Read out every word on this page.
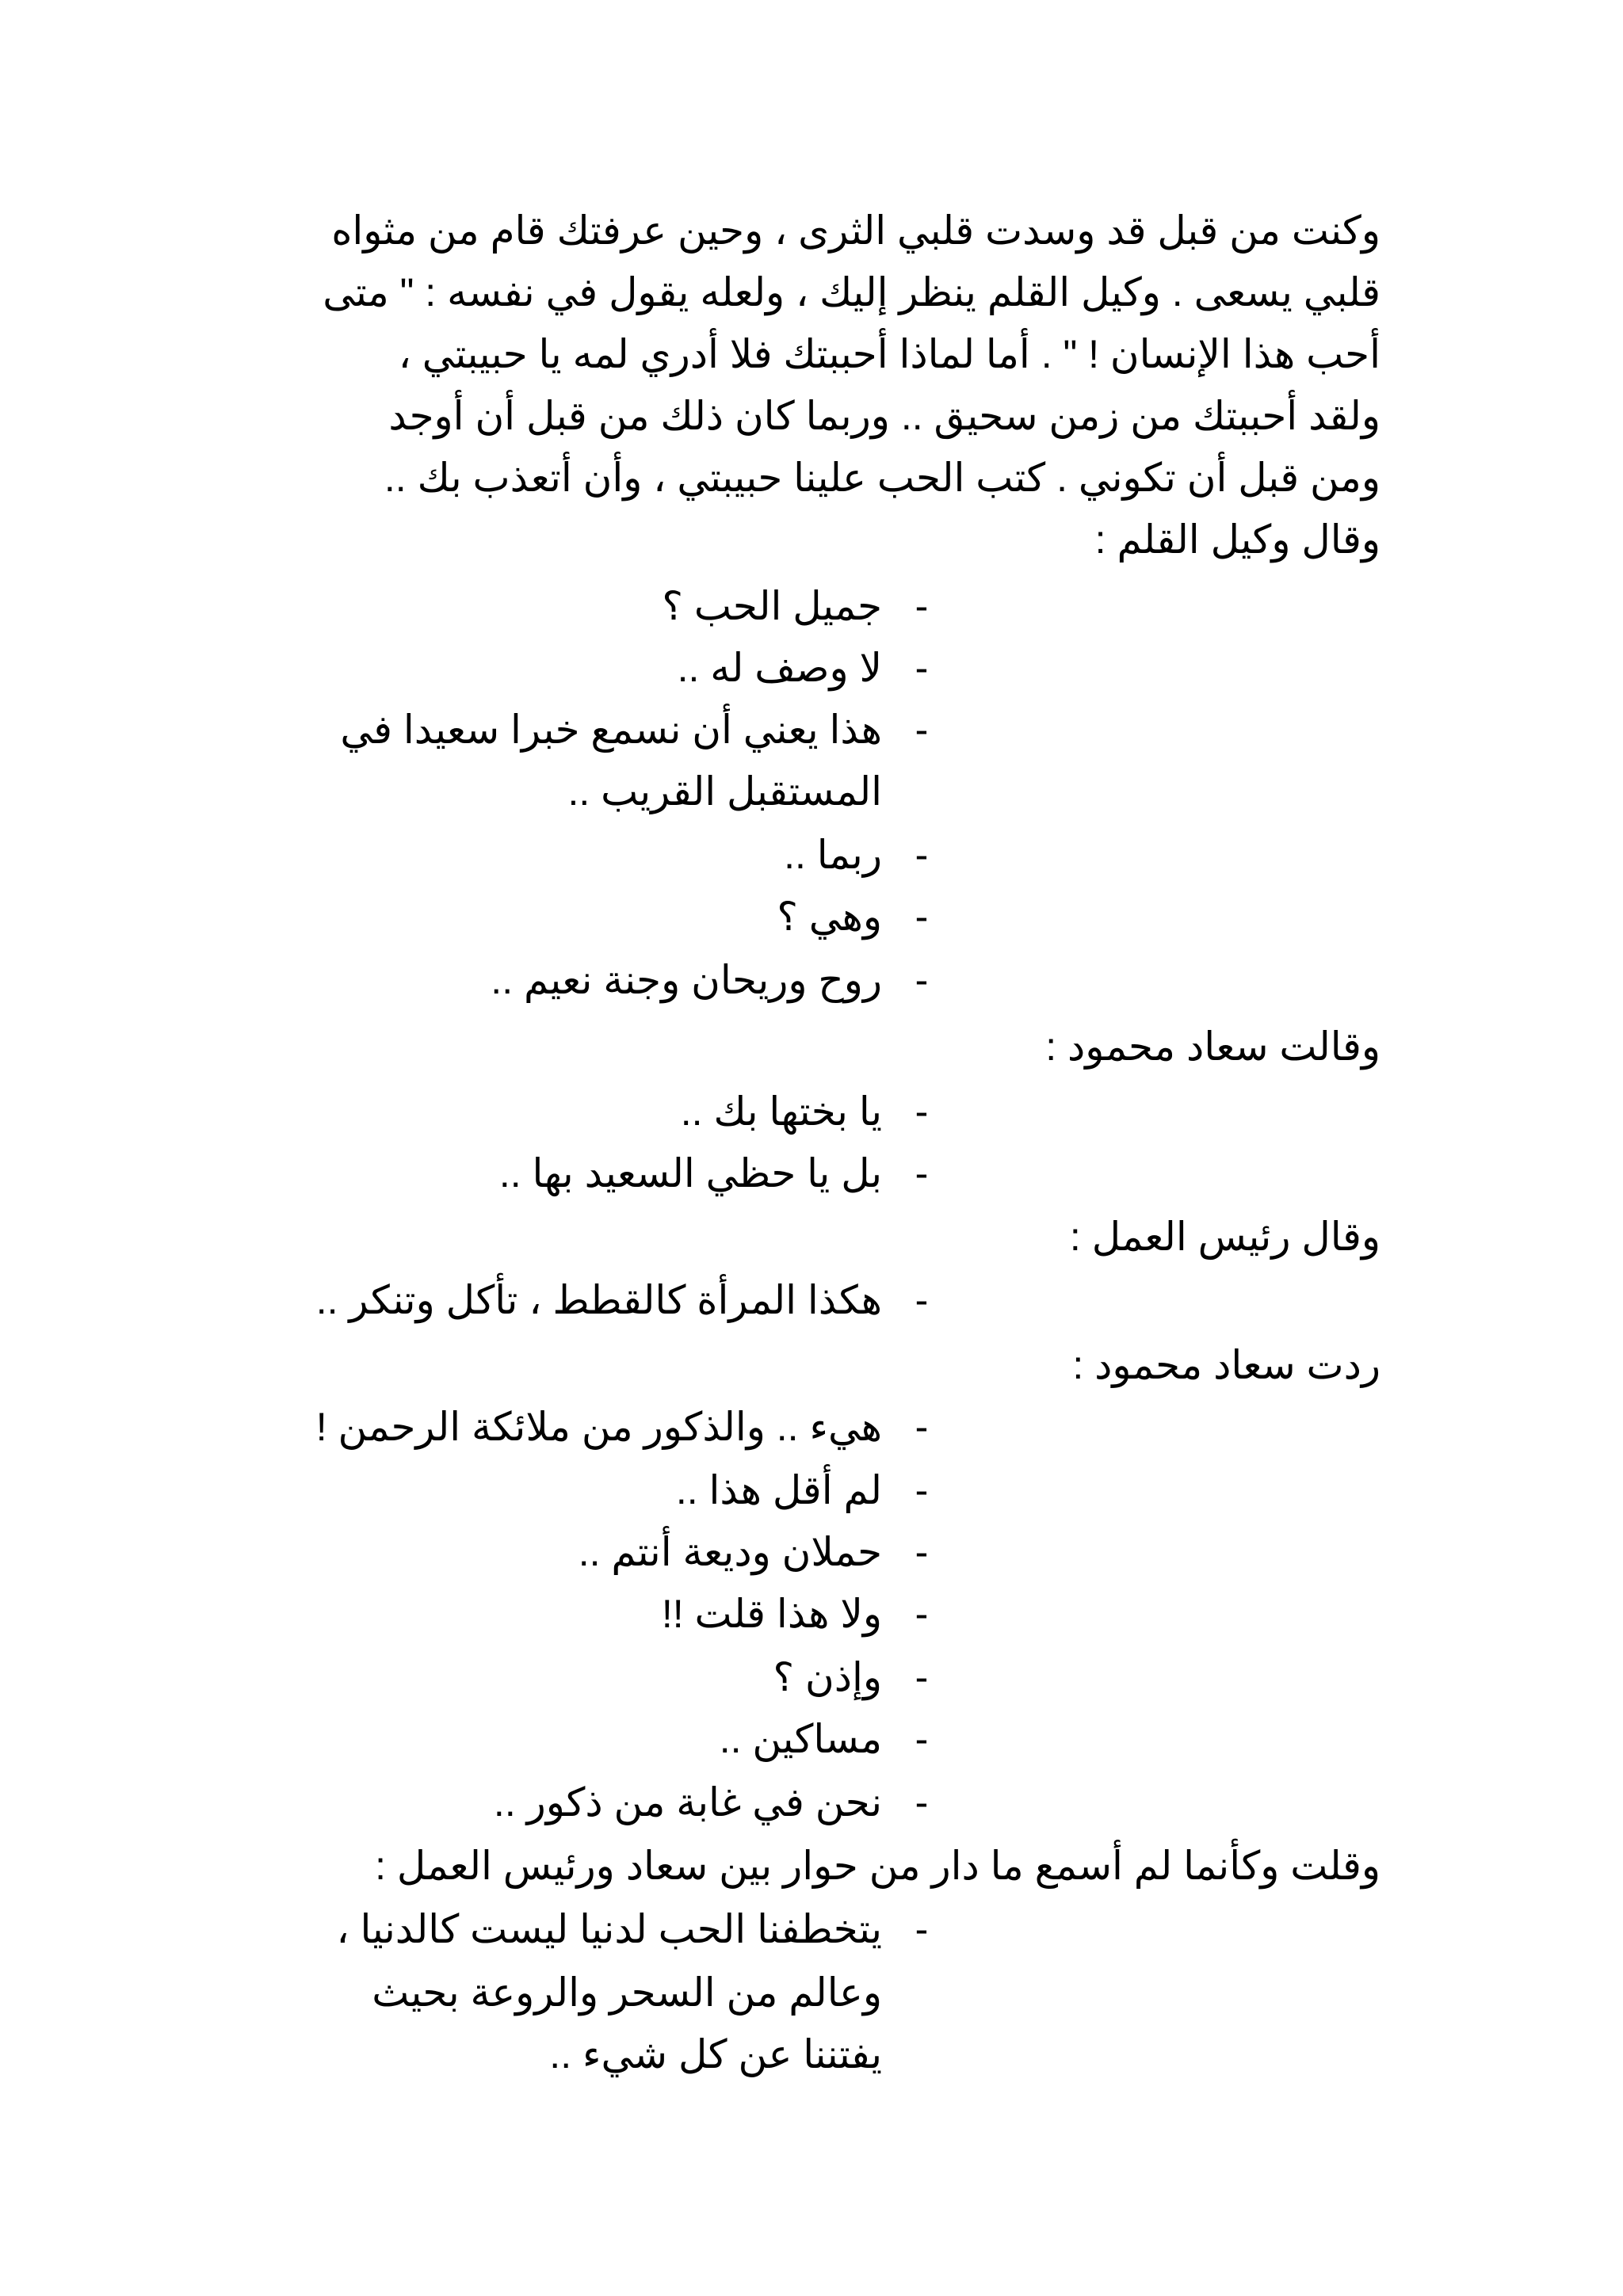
وكنت من قبل قد وسدت قلبي الثرى ، وحين عرفتك قام من مثواه
قلبي يسعى . وكيل القلم ينظر إليك ، ولعله يقول في نفسه : " متى
أحب هذا الإنسان ! " . أما لماذا أحببتك فلا أدري لمه يا حبيبتي ،
ولقد أحببتك من زمن سحيق .. وربما كان ذلك من قبل أن أوجد
ومن قبل أن تكوني . كتب الحب علينا حبيبتي ، وأن أتعذب بك ..
وقال وكيل القلم :
-
جميل الحب ؟
-
لا وصف له ..
-
هذا يعني أن نسمع خبرا سعيدا في
المستقبل القريب ..
-
ربما ..
-
وهي ؟
-
روح وريحان وجنة نعيم ..
وقالت سعاد محمود :
-
يا بختها بك ..
-
بل يا حظي السعيد بها ..
وقال رئيس العمل :
-
هكذا المرأة كالقطط ، تأكل وتنكر ..
ردت سعاد محمود :
-
هيء .. والذكور من ملائكة الرحمن !
-
لم أقل هذا ..
-
حملان وديعة أنتم ..
-
ولا هذا قلت !!
-
وإذن ؟
-
مساكين ..
-
نحن في غابة من ذكور ..
وقلت وكأنما لم أسمع ما دار من حوار بين سعاد ورئيس العمل :
-
يتخطفنا الحب لدنيا ليست كالدنيا ،
وعالم من السحر والروعة بحيث
يفتننا عن كل شيء ..
